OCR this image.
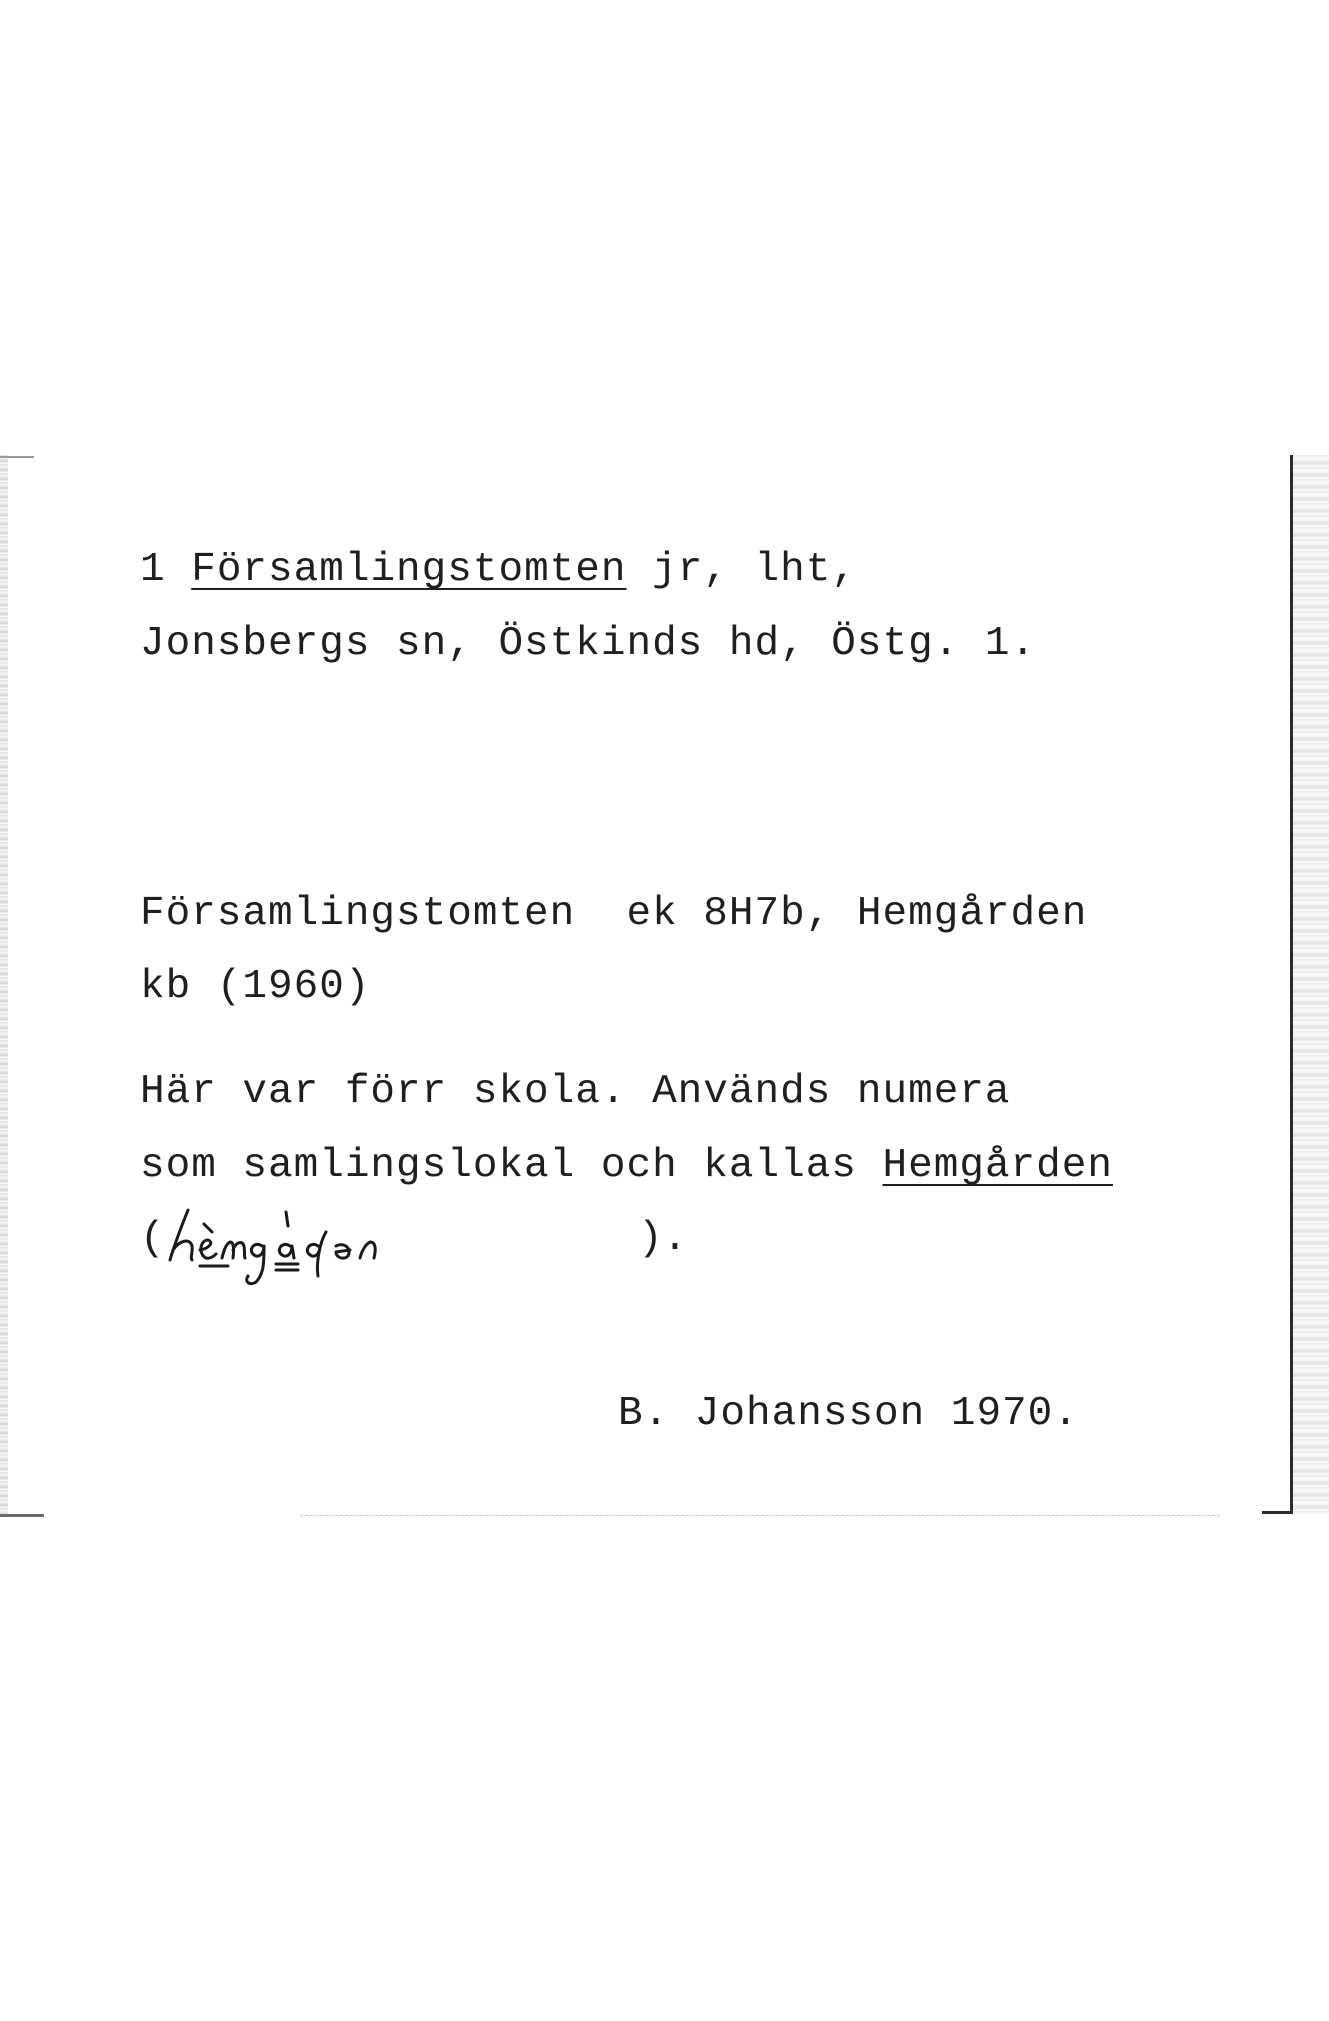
1 Församlingstomten jr, lht,
Jonsbergs sn, Östkinds hd, Östg. 1.
Församlingstomten  ek 8H7b, Hemgården
kb (1960)
Här var förr skola. Används numera
som samlingslokal och kallas Hemgården
(	).
B. Johansson 1970.
